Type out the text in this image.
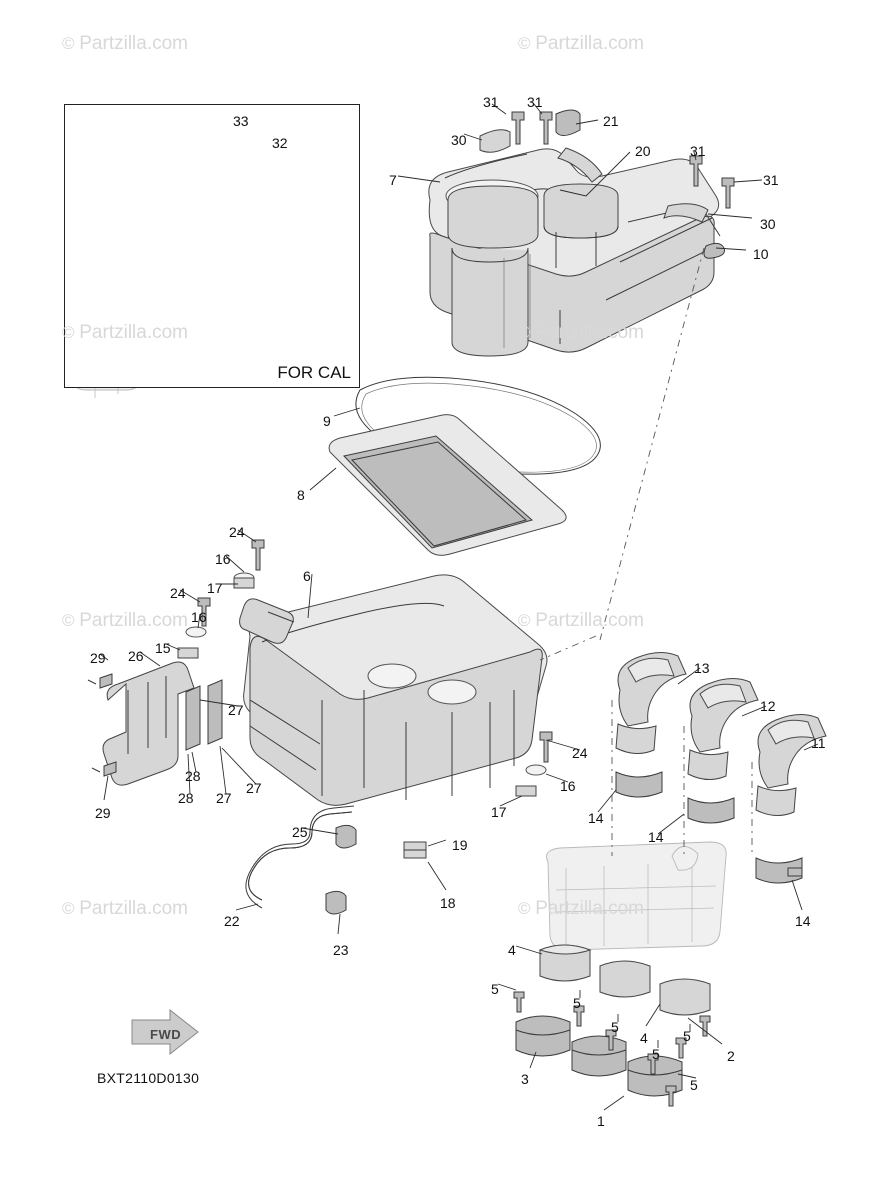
FOR CAL
FWD
BXT2110D0130
33
32
31 31
21
30
20	31
31
7
30
10
9
8
24
16
17
6
24
16
15
29 26
13
12
27
11
24
28
27
28 27
16
14
29	17
14
14
25
19
18
22
23	4
5
5
5
4
5
5
2
3	5
1
© Partzilla.com	© Partzilla.com
© Partzilla.com	© Partzilla.com
© Partzilla.com	© Partzilla.com
© Partzilla.com	© Partzilla.com
